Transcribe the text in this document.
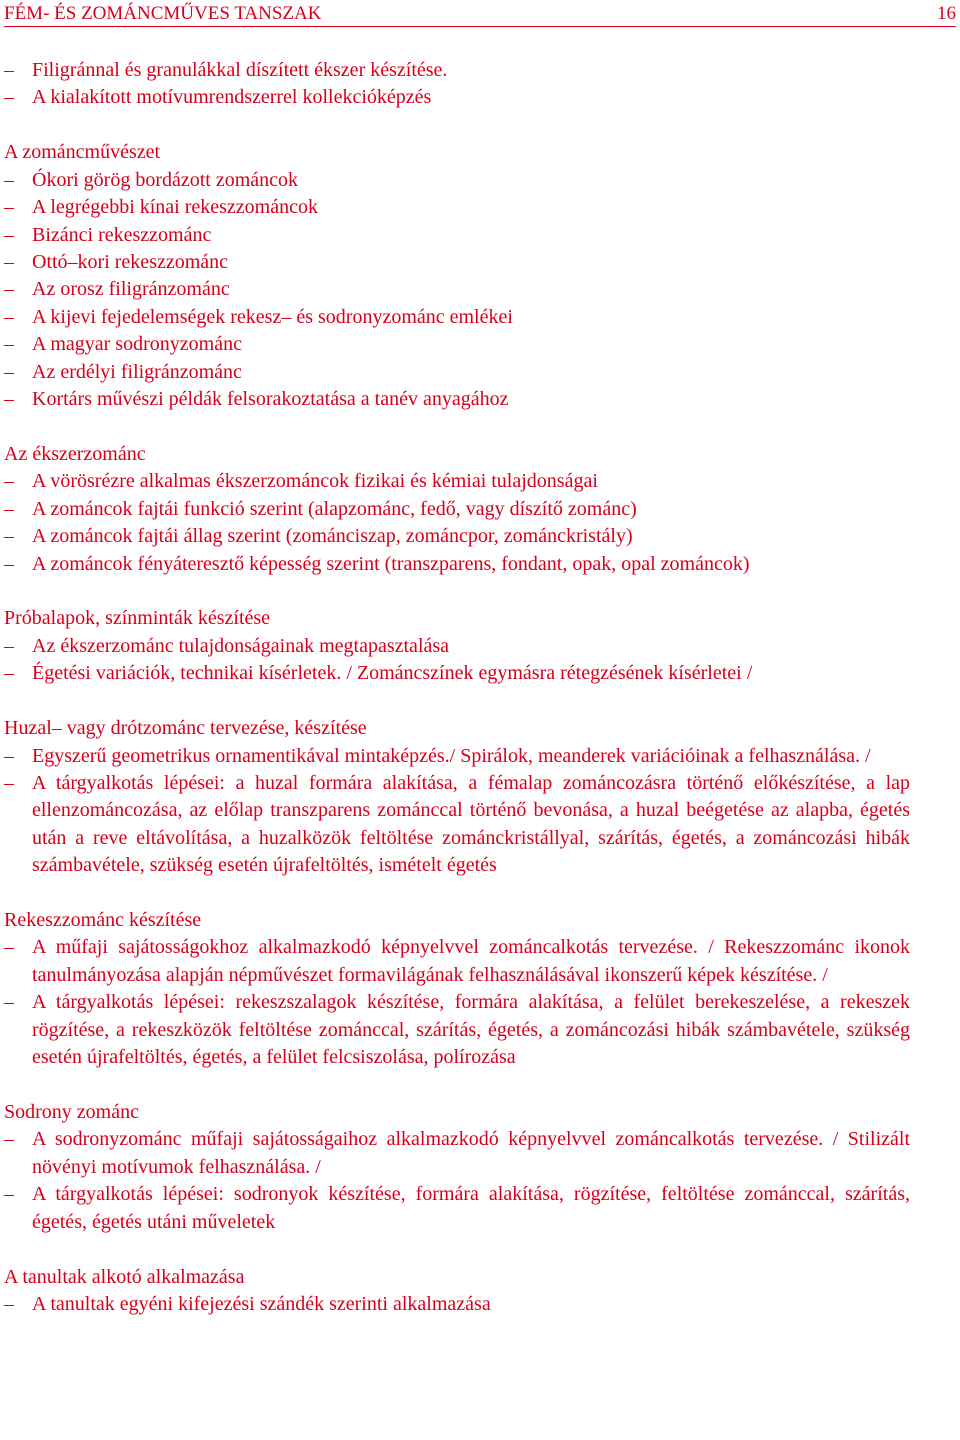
FÉM- ÉS ZOMÁNCMŰVES TANSZAK	16
– Filigránnal és granulákkal díszített ékszer készítése.
– A kialakított motívumrendszerrel kollekcióképzés
A zománcművészet
– Ókori görög bordázott zománcok
– A legrégebbi kínai rekeszzománcok
– Bizánci rekeszzománc
– Ottó–kori rekeszzománc
– Az orosz filigránzománc
– A kijevi fejedelemségek rekesz– és sodronyzománc emlékei
– A magyar sodronyzománc
– Az erdélyi filigránzománc
– Kortárs művészi példák felsorakoztatása a tanév anyagához
Az ékszerzománc
– A vörösrézre alkalmas ékszerzománcok fizikai és kémiai tulajdonságai
– A zománcok fajtái funkció szerint (alapzománc, fedő, vagy díszítő zománc)
– A zománcok fajtái állag szerint (zománciszap, zománcpor, zománckristály)
– A zománcok fényáteresztő képesség szerint (transzparens, fondant, opak, opal zománcok)
Próbalapok, színminták készítése
– Az ékszerzománc tulajdonságainak megtapasztalása
– Égetési variációk, technikai kísérletek. / Zománcszínek egymásra rétegzésének kísérletei /
Huzal– vagy drótzománc tervezése, készítése
– Egyszerű geometrikus ornamentikával mintaképzés./ Spirálok, meanderek variációinak a felhasználása. /
– A tárgyalkotás lépései: a huzal formára alakítása, a fémalap zománcozásra történő előkészítése, a lap ellenzománcozása, az előlap transzparens zománccal történő bevonása, a huzal beégetése az alapba, égetés után a reve eltávolítása, a huzalközök feltöltése zománckristállyal, szárítás, égetés, a zománcozási hibák számbavétele, szükség esetén újrafeltöltés, ismételt égetés
Rekeszzománc készítése
– A műfaji sajátosságokhoz alkalmazkodó képnyelvvel zománcalkotás tervezése. / Rekeszzománc ikonok tanulmányozása alapján népművészet formavilágának felhasználásával ikonszerű képek készítése. /
– A tárgyalkotás lépései: rekeszszalagok készítése, formára alakítása, a felület berekeszelése, a rekeszek rögzítése, a rekeszközök feltöltése zománccal, szárítás, égetés, a zománcozási hibák számbavétele, szükség esetén újrafeltöltés, égetés, a felület felcsiszolása, polírozása
Sodrony zománc
– A sodronyzománc műfaji sajátosságaihoz alkalmazkodó képnyelvvel zománcalkotás tervezése. / Stilizált növényi motívumok felhasználása. /
– A tárgyalkotás lépései: sodronyok készítése, formára alakítása, rögzítése, feltöltése zománccal, szárítás, égetés, égetés utáni műveletek
A tanultak alkotó alkalmazása
– A tanultak egyéni kifejezési szándék szerinti alkalmazása
